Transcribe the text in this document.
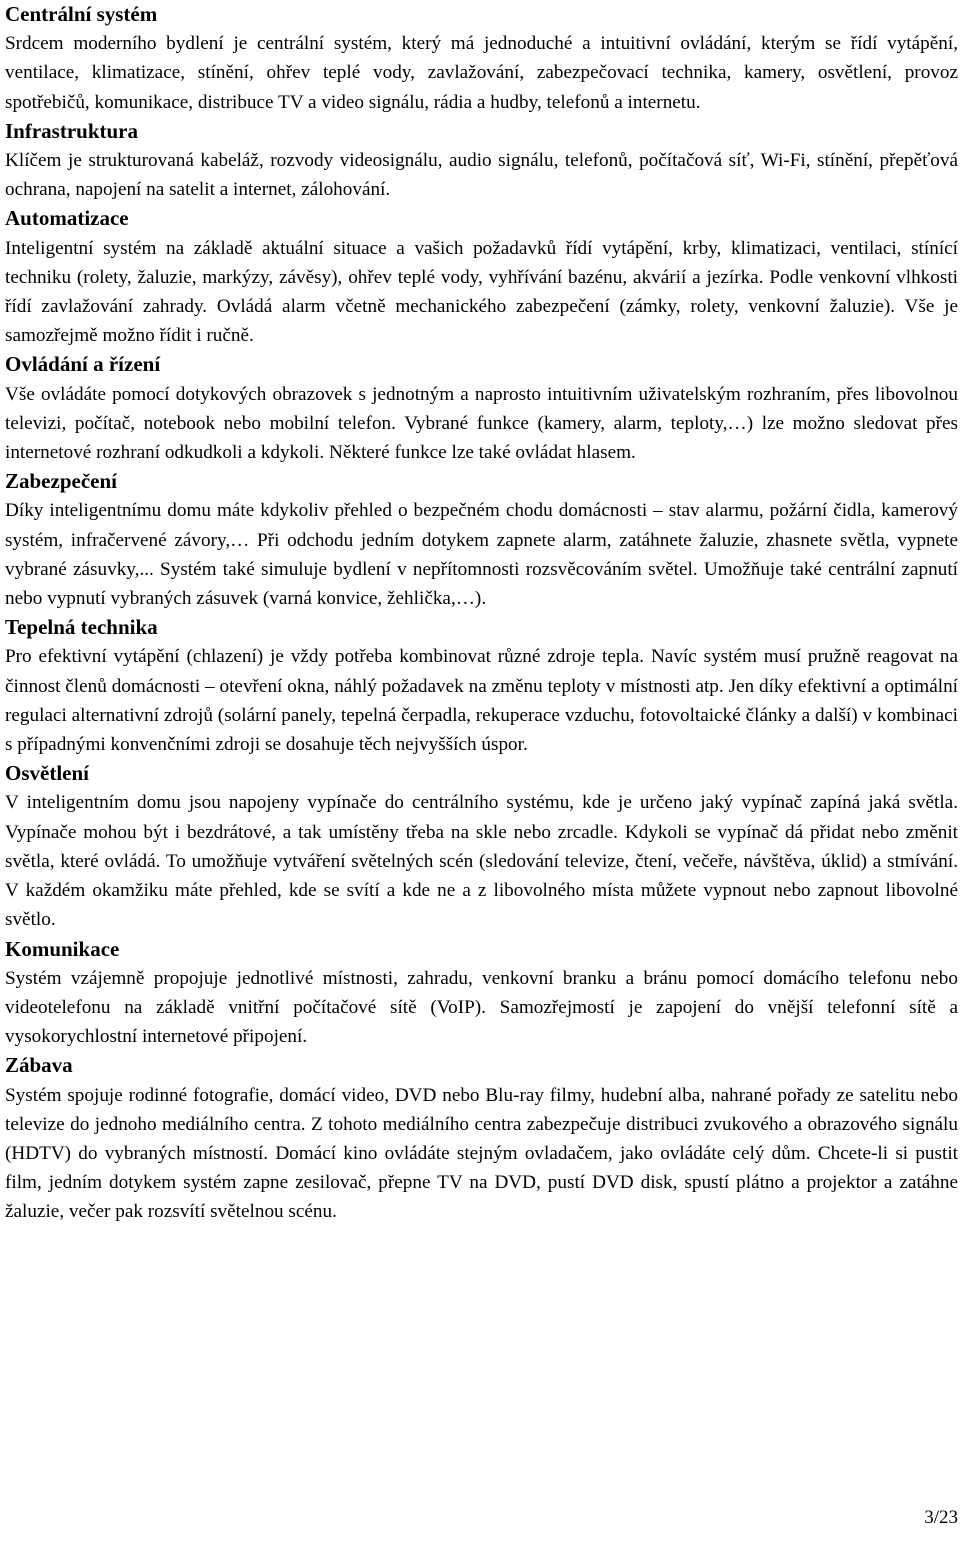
Centrální systém
Srdcem moderního bydlení je centrální systém, který má jednoduché a intuitivní ovládání, kterým se řídí vytápění, ventilace, klimatizace, stínění, ohřev teplé vody, zavlažování, zabezpečovací technika, kamery, osvětlení, provoz spotřebičů, komunikace, distribuce TV a video signálu, rádia a hudby, telefonů a internetu.
Infrastruktura
Klíčem je strukturovaná kabeláž, rozvody videosignálu, audio signálu, telefonů, počítačová síť, Wi-Fi, stínění, přepěťová ochrana, napojení na satelit a internet, zálohování.
Automatizace
Inteligentní systém na základě aktuální situace a vašich požadavků řídí vytápění, krby, klimatizaci, ventilaci, stínící techniku (rolety, žaluzie, markýzy, závěsy), ohřev teplé vody, vyhřívání bazénu, akvárií a jezírka. Podle venkovní vlhkosti řídí zavlažování zahrady. Ovládá alarm včetně mechanického zabezpečení (zámky, rolety, venkovní žaluzie). Vše je samozřejmě možno řídit i ručně.
Ovládání a řízení
Vše ovládáte pomocí dotykových obrazovek s jednotným a naprosto intuitivním uživatelským rozhraním, přes libovolnou televizi, počítač, notebook nebo mobilní telefon. Vybrané funkce (kamery, alarm, teploty,…) lze možno sledovat přes internetové rozhraní odkudkoli a kdykoli. Některé funkce lze také ovládat hlasem.
Zabezpečení
Díky inteligentnímu domu máte kdykoliv přehled o bezpečném chodu domácnosti – stav alarmu, požární čidla, kamerový systém, infračervené závory,… Při odchodu jedním dotykem zapnete alarm, zatáhnete žaluzie, zhasnete světla, vypnete vybrané zásuvky,... Systém také simuluje bydlení v nepřítomnosti rozsvěcováním světel. Umožňuje také centrální zapnutí nebo vypnutí vybraných zásuvek (varná konvice, žehlička,…).
Tepelná technika
Pro efektivní vytápění (chlazení) je vždy potřeba kombinovat různé zdroje tepla. Navíc systém musí pružně reagovat na činnost členů domácnosti – otevření okna, náhlý požadavek na změnu teploty v místnosti atp. Jen díky efektivní a optimální regulaci alternativní zdrojů (solární panely, tepelná čerpadla, rekuperace vzduchu, fotovoltaické články a další) v kombinaci s případnými konvenčními zdroji se dosahuje těch nejvyšších úspor.
Osvětlení
V inteligentním domu jsou napojeny vypínače do centrálního systému, kde je určeno jaký vypínač zapíná jaká světla. Vypínače mohou být i bezdrátové, a tak umístěny třeba na skle nebo zrcadle. Kdykoli se vypínač dá přidat nebo změnit světla, které ovládá. To umožňuje vytváření světelných scén (sledování televize, čtení, večeře, návštěva, úklid) a stmívání. V každém okamžiku máte přehled, kde se svítí a kde ne a z libovolného místa můžete vypnout nebo zapnout libovolné světlo.
Komunikace
Systém vzájemně propojuje jednotlivé místnosti, zahradu, venkovní branku a bránu pomocí domácího telefonu nebo videotelefonu na základě vnitřní počítačové sítě (VoIP). Samozřejmostí je zapojení do vnější telefonní sítě a vysokorychlostní internetové připojení.
Zábava
Systém spojuje rodinné fotografie, domácí video, DVD nebo Blu-ray filmy, hudební alba, nahrané pořady ze satelitu nebo televize do jednoho mediálního centra. Z tohoto mediálního centra zabezpečuje distribuci zvukového a obrazového signálu (HDTV) do vybraných místností. Domácí kino ovládáte stejným ovladačem, jako ovládáte celý dům. Chcete-li si pustit film, jedním dotykem systém zapne zesilovač, přepne TV na DVD, pustí DVD disk, spustí plátno a projektor a zatáhne žaluzie, večer pak rozsvítí světelnou scénu.
3/23
